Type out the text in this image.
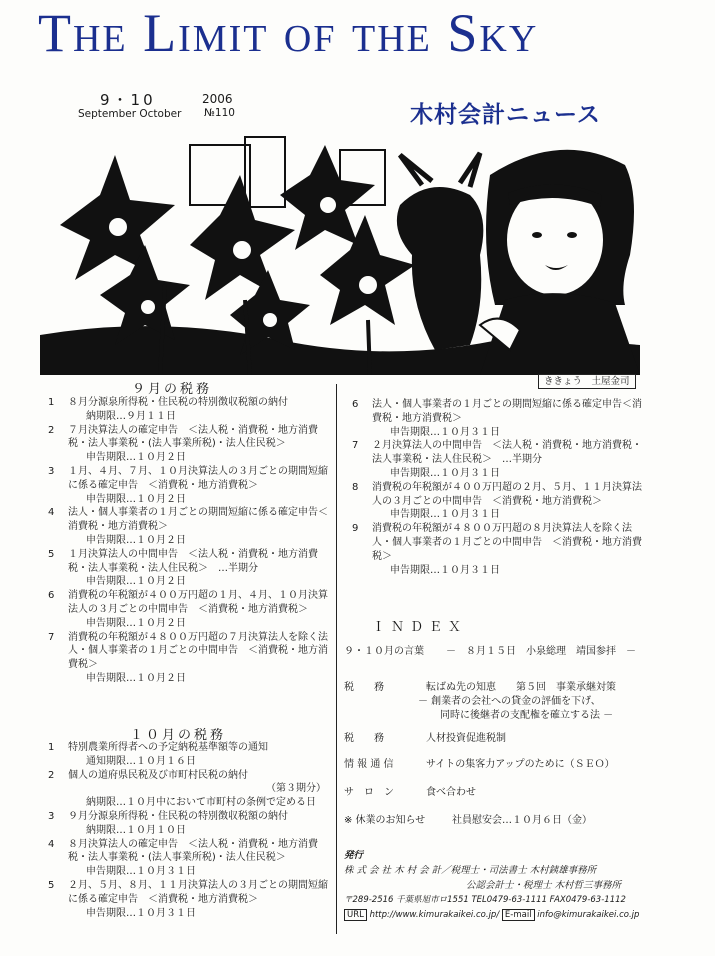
The Limit of the Sky
9・10	2006
September October №110	木村会計ニュース
９月の税務
1 ８月分源泉所得税・住民税の特別徴収税額の納付
納期限…９月１１日
2 ７月決算法人の確定申告　＜法人税・消費税・地方消費税・法人事業税・(法人事業所税)・法人住民税＞
申告期限…１０月２日
3 １月、４月、７月、１０月決算法人の３月ごとの期間短縮に係る確定申告　＜消費税・地方消費税＞
申告期限…１０月２日
4 法人・個人事業者の１月ごとの期間短縮に係る確定申告＜消費税・地方消費税＞
申告期限…１０月２日
5 １月決算法人の中間申告　＜法人税・消費税・地方消費税・法人事業税・法人住民税＞　…半期分
申告期限…１０月２日
6 消費税の年税額が４００万円超の１月、４月、１０月決算法人の３月ごとの中間申告　＜消費税・地方消費税＞
申告期限…１０月２日
7 消費税の年税額が４８００万円超の７月決算法人を除く法人・個人事業者の１月ごとの中間申告　＜消費税・地方消費税＞
申告期限…１０月２日
１０月の税務
1 特別農業所得者への予定納税基準額等の通知
通知期限…１０月１６日
2 個人の道府県民税及び市町村民税の納付
（第３期分）
納期限…１０月中において市町村の条例で定める日
3 ９月分源泉所得税・住民税の特別徴収税額の納付
納期限…１０月１０日
4 ８月決算法人の確定申告　＜法人税・消費税・地方消費税・法人事業税・(法人事業所税)・法人住民税＞
申告期限…１０月３１日
5 ２月、５月、８月、１１月決算法人の３月ごとの期間短縮に係る確定申告　＜消費税・地方消費税＞
申告期限…１０月３１日
ききょう　土屋金司
6 法人・個人事業者の１月ごとの期間短縮に係る確定申告＜消費税・地方消費税＞
申告期限…１０月３１日
7 ２月決算法人の中間申告　＜法人税・消費税・地方消費税・法人事業税・法人住民税＞　…半期分
申告期限…１０月３１日
8 消費税の年税額が４００万円超の２月、５月、１１月決算法人の３月ごとの中間申告　＜消費税・地方消費税＞
申告期限…１０月３１日
9 消費税の年税額が４８００万円超の８月決算法人を除く法人・個人事業者の１月ごとの中間申告　＜消費税・地方消費税＞
申告期限…１０月３１日
ＩＮＤＥＸ
９・１０月の言葉 －　８月１５日　小泉総理　靖国参拝　－
税　　務	転ばぬ先の知恵　　第５回　事業承継対策
－ 創業者の会社への貸金の評価を下げ、
同時に後継者の支配権を確立する法 －
税　　務	人材投資促進税制
情 報 通 信	サイトの集客力アップのために（ＳＥＯ）
サ　ロ　ン	食べ合わせ
※ 休業のお知らせ	社員慰安会…１０月６日（金）
発行
株 式 会 社 木 村 会 計／税理士・司法書士 木村銕雄事務所
公認会計士・税理士 木村哲三事務所
〒289-2516 千葉県旭市ロ1551 TEL0479-63-1111 FAX0479-63-1112
URL http://www.kimurakaikei.co.jp/ E-mail info@kimurakaikei.co.jp
